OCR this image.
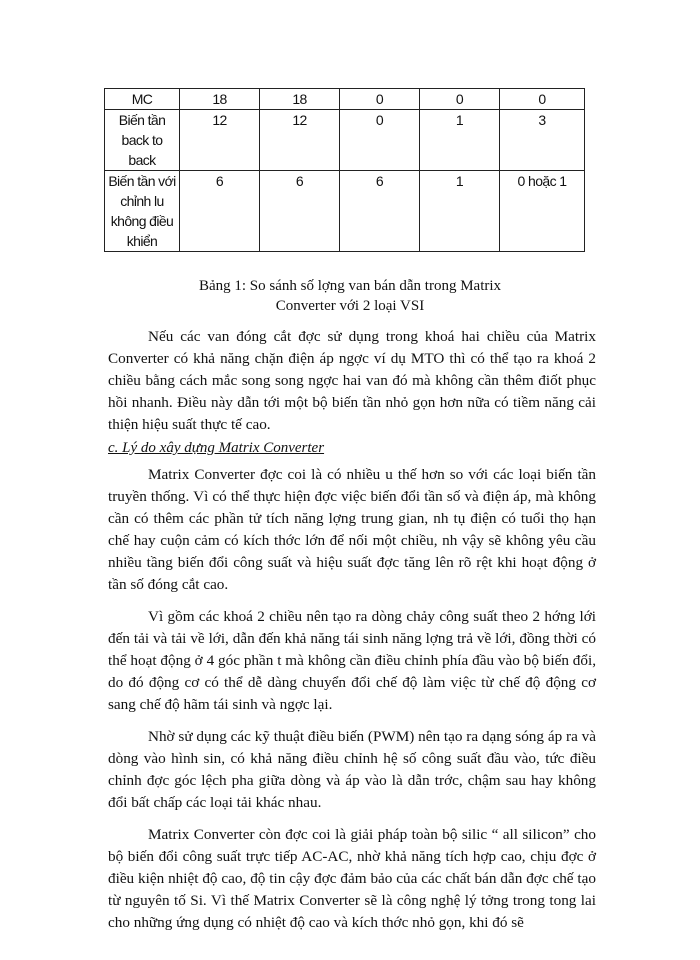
MC	18	18	0	0	0
Biến tần
back to
back	12	12	0	1	3
Biến tần với
chỉnh lu
không điều
khiển	6	6	6	1	0 hoặc 1
Bảng 1: So sánh số lợng van bán dẫn trong Matrix
Converter với 2 loại VSI

Nếu các van đóng cắt đợc sử dụng trong khoá hai chiều của Matrix Converter có khả năng chặn điện áp ngợc ví dụ MTO thì có thể tạo ra khoá 2 chiều bằng cách mắc song song ngợc hai van đó mà không cần thêm điốt phục hồi nhanh. Điều này dẫn tới một bộ biến tần nhỏ gọn hơn nữa có tiềm năng cải thiện hiệu suất thực tế cao.

c. Lý do xây dựng Matrix Converter

Matrix Converter đợc coi là có nhiều u thế hơn so với các loại biến tần truyền thống. Vì có thể thực hiện đợc việc biến đổi tần số và điện áp, mà không cần có thêm các phần tử tích năng lợng trung gian, nh tụ điện có tuổi thọ hạn chế hay cuộn cảm có kích thớc lớn để nối một chiều, nh vậy sẽ không yêu cầu nhiều tầng biến đổi công suất và hiệu suất đợc tăng lên rõ rệt khi hoạt động ở tần số đóng cắt cao.

Vì gồm các khoá 2 chiều nên tạo ra dòng chảy công suất theo 2 hớng lới đến tải và tải về lới, dẫn đến khả năng tái sinh năng lợng trả về lới, đồng thời có thể hoạt động ở 4 góc phần t mà không cần điều chỉnh phía đầu vào bộ biến đổi, do đó động cơ có thể dễ dàng chuyển đổi chế độ làm việc từ chế độ động cơ sang chế độ hãm tái sinh và ngợc lại.

Nhờ sử dụng các kỹ thuật điều biến (PWM) nên tạo ra dạng sóng áp ra và dòng vào hình sin, có khả năng điều chỉnh hệ số công suất đầu vào, tức điều chỉnh đợc góc lệch pha giữa dòng và áp vào là dẫn trớc, chậm sau hay không đổi bất chấp các loại tải khác nhau.

Matrix Converter còn đợc coi là giải pháp toàn bộ silic “ all silicon” cho bộ biến đổi công suất trực tiếp AC-AC, nhờ khả năng tích hợp cao, chịu đợc ở điều kiện nhiệt độ cao, độ tin cậy đợc đảm bảo của các chất bán dẫn đợc chế tạo từ nguyên tố Si. Vì thế Matrix Converter sẽ là công nghệ lý tởng trong tong lai cho những ứng dụng có nhiệt độ cao và kích thớc nhỏ gọn, khi đó sẽ
